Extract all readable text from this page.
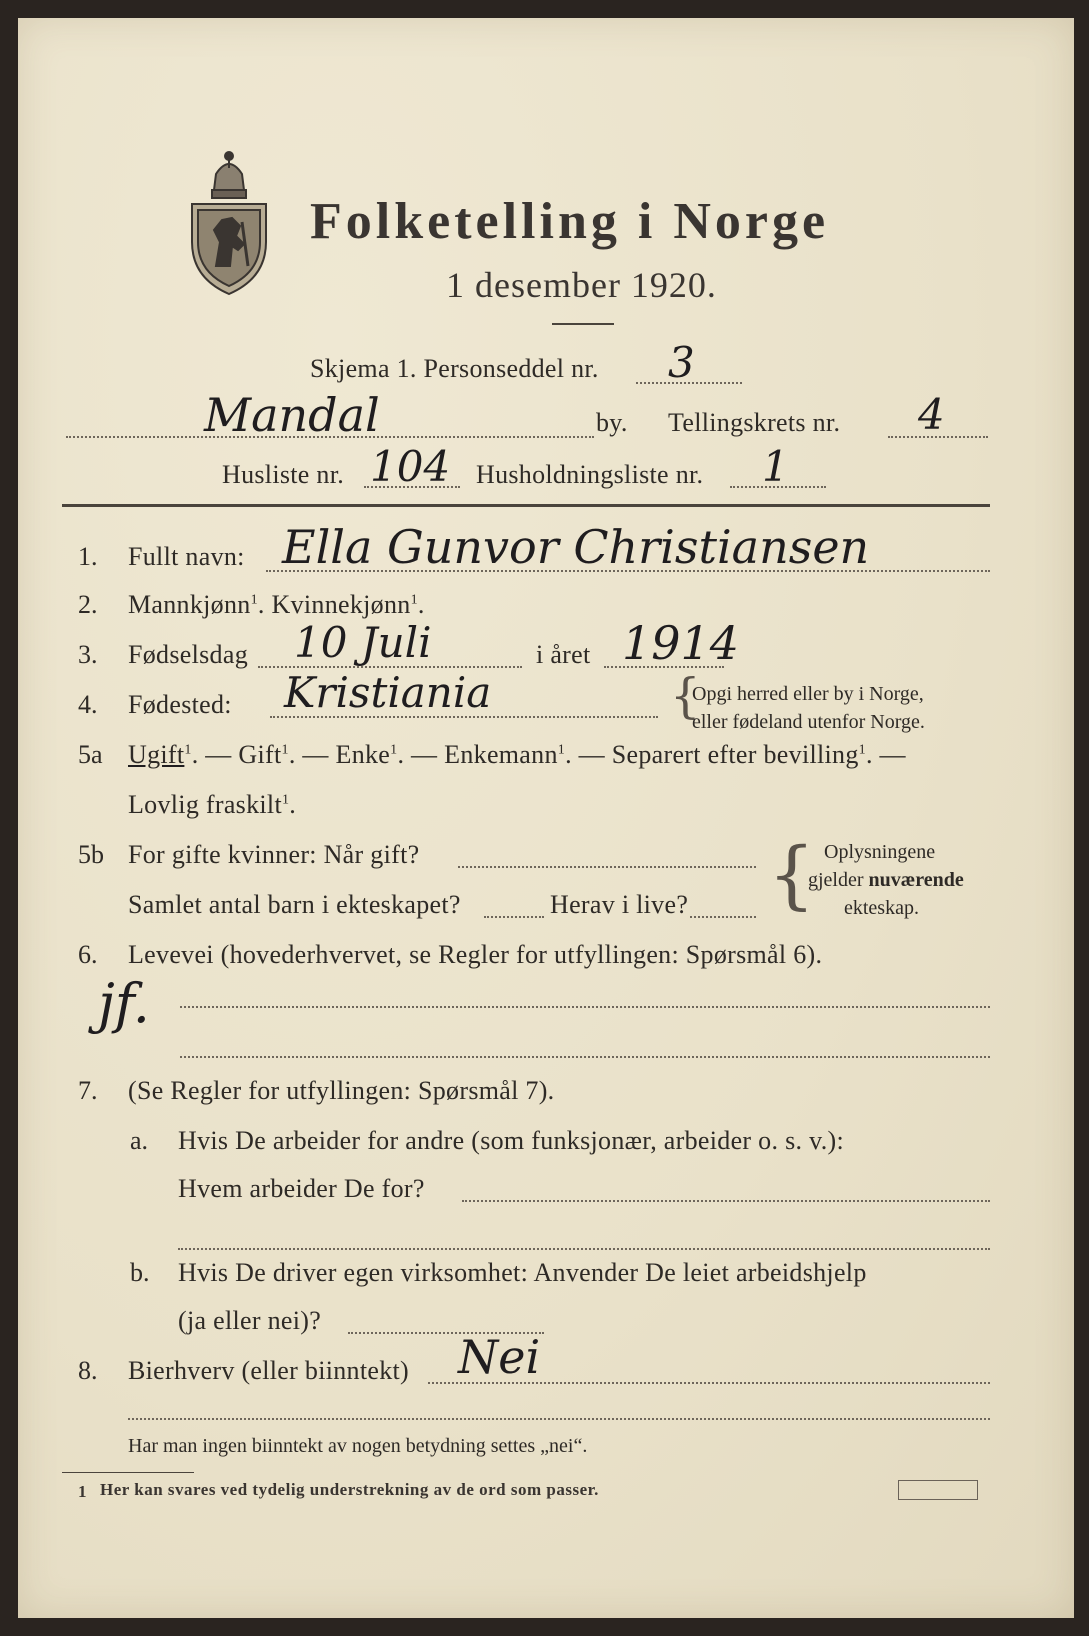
Folketelling i Norge
1 desember 1920.
Skjema 1. Personseddel nr. 3
Mandal	by. Tellingskrets nr. 4
Husliste nr. 104 Husholdningsliste nr. 1
1. Fullt navn: Ella Gunvor Christiansen
2. Mannkjønn$^1$. Kvinnekjønn$^1$.
3. Fødselsdag 10 Juli	i året 1914
4. Fødested: Kristiania	{
Opgi herred eller by i Norge,
eller fødeland utenfor Norge.
5a Ugift$^1$. — Gift$^1$. — Enke$^1$. — Enkemann$^1$. — Separert efter bevilling$^1$. —
Lovlig fraskilt$^1$.
5b For gifte kvinner: Når gift?
Samlet antal barn i ekteskapet?	Herav i live? { Oplysningene
gjelder nuværende
ekteskap.
6. Levevei (hovederhvervet, se Regler for utfyllingen: Spørsmål 6).
jf.
7. (Se Regler for utfyllingen: Spørsmål 7).
a. Hvis De arbeider for andre (som funksjonær, arbeider o. s. v.):
Hvem arbeider De for?
b. Hvis De driver egen virksomhet: Anvender De leiet arbeidshjelp
(ja eller nei)?
8. Bierhverv (eller biinntekt) Nei
Har man ingen biinntekt av nogen betydning settes „nei“.
1 Her kan svares ved tydelig understrekning av de ord som passer.
